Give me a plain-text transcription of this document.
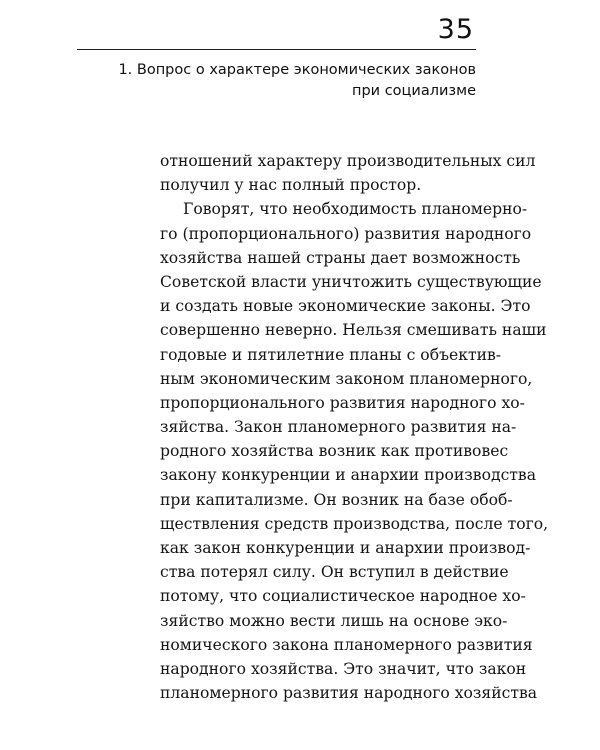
35
1. Вопрос о характере экономических законов
при социализме
отношений характеру производительных сил
получил у нас полный простор.
Говорят, что необходимость планомерно-
го (пропорционального) развития народного
хозяйства нашей страны дает возможность
Советской власти уничтожить существующие
и создать новые экономические законы. Это
совершенно неверно. Нельзя смешивать наши
годовые и пятилетние планы с объектив-
ным экономическим законом планомерного,
пропорционального развития народного хо-
зяйства. Закон планомерного развития на-
родного хозяйства возник как противовес
закону конкуренции и анархии производства
при капитализме. Он возник на базе обоб-
ществления средств производства, после того,
как закон конкуренции и анархии производ-
ства потерял силу. Он вступил в действие
потому, что социалистическое народное хо-
зяйство можно вести лишь на основе эко-
номического закона планомерного развития
народного хозяйства. Это значит, что закон
планомерного развития народного хозяйства
